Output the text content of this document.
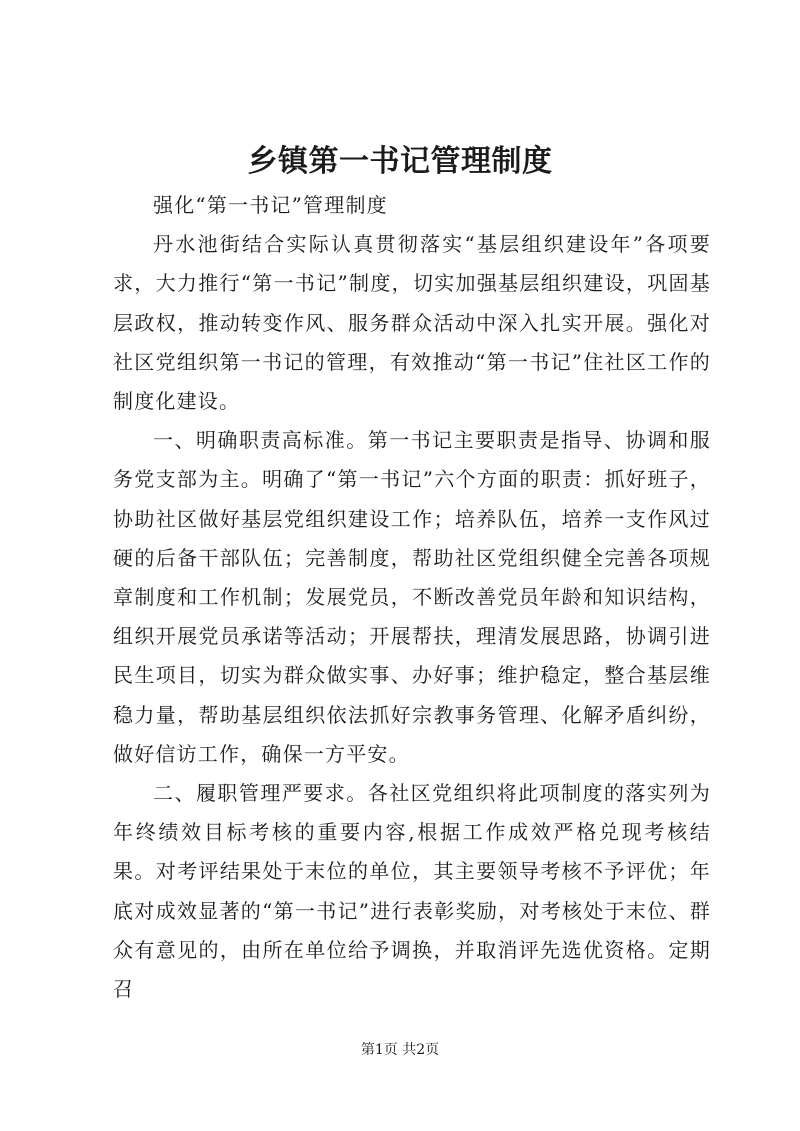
乡镇第一书记管理制度

强化“第一书记”管理制度

丹水池街结合实际认真贯彻落实“基层组织建设年”各项要求，大力推行“第一书记”制度，切实加强基层组织建设，巩固基层政权，推动转变作风、服务群众活动中深入扎实开展。强化对社区党组织第一书记的管理，有效推动“第一书记”住社区工作的制度化建设。

一、明确职责高标准。第一书记主要职责是指导、协调和服务党支部为主。明确了“第一书记”六个方面的职责：抓好班子，协助社区做好基层党组织建设工作；培养队伍，培养一支作风过硬的后备干部队伍；完善制度，帮助社区党组织健全完善各项规章制度和工作机制；发展党员，不断改善党员年龄和知识结构，组织开展党员承诺等活动；开展帮扶，理清发展思路，协调引进民生项目，切实为群众做实事、办好事；维护稳定，整合基层维稳力量，帮助基层组织依法抓好宗教事务管理、化解矛盾纠纷，做好信访工作，确保一方平安。

二、履职管理严要求。各社区党组织将此项制度的落实列为年终绩效目标考核的重要内容,根据工作成效严格兑现考核结果。对考评结果处于末位的单位，其主要领导考核不予评优；年底对成效显著的“第一书记”进行表彰奖励，对考核处于末位、群众有意见的，由所在单位给予调换，并取消评先选优资格。定期召

第1页 共2页
